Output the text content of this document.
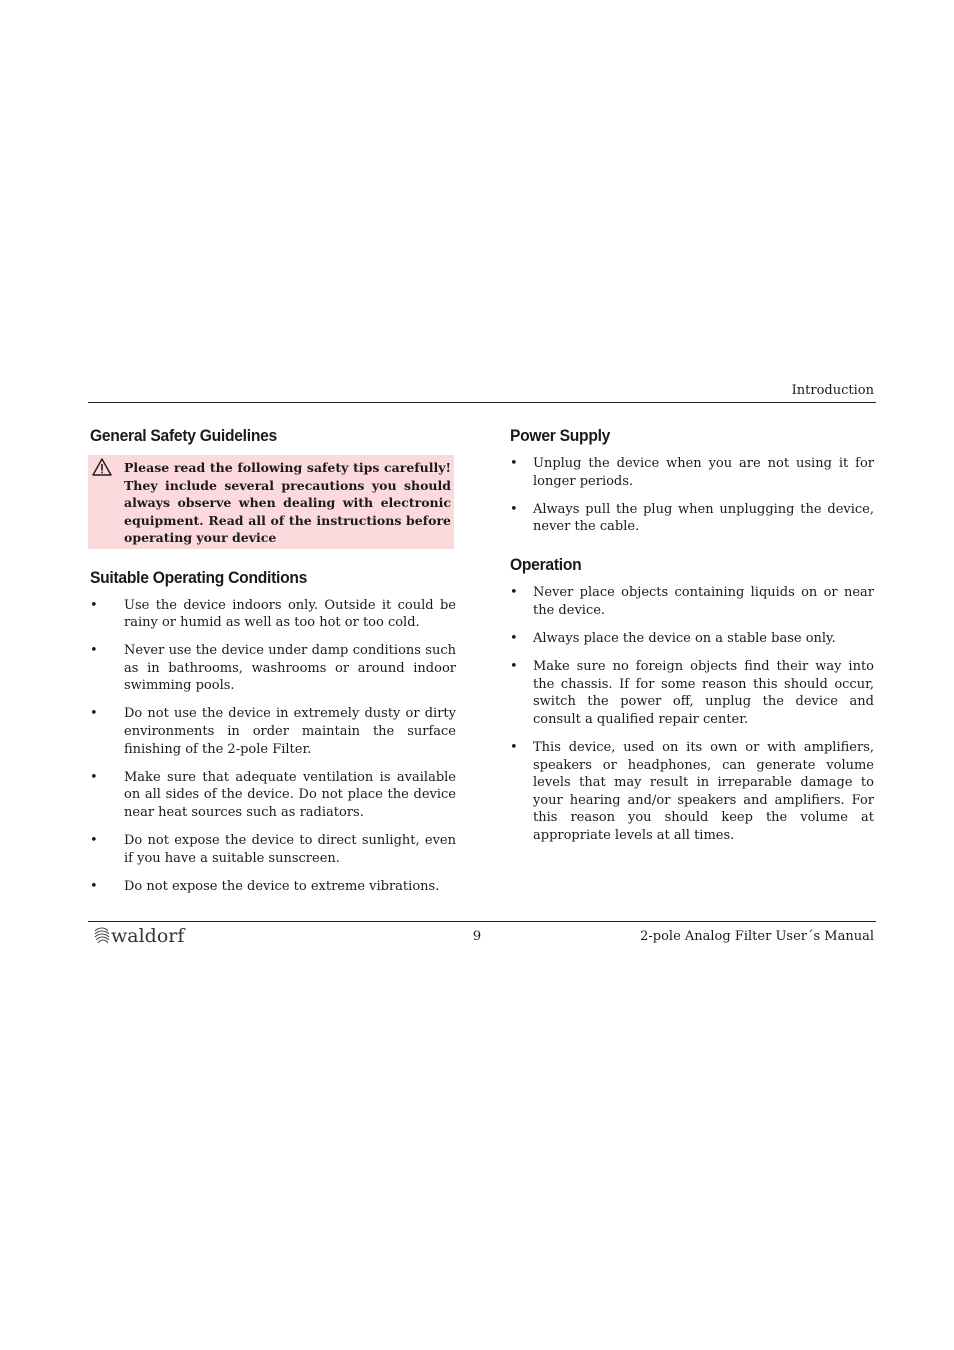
Introduction
General Safety Guidelines
Please read the following safety tips carefully! They include several precautions you should always observe when dealing with electronic equipment. Read all of the instructions before operating your device
Suitable Operating Conditions
• Use the device indoors only. Outside it could be rainy or humid as well as too hot or too cold.
• Never use the device under damp conditions such as in bathrooms, washrooms or around indoor swimming pools.
• Do not use the device in extremely dusty or dirty environments in order maintain the surface finishing of the 2-pole Filter.
• Make sure that adequate ventilation is available on all sides of the device. Do not place the device near heat sources such as radiators.
• Do not expose the device to direct sunlight, even if you have a suitable sunscreen.
• Do not expose the device to extreme vibrations.
Power Supply
• Unplug the device when you are not using it for longer periods.
• Always pull the plug when unplugging the device, never the cable.
Operation
• Never place objects containing liquids on or near the device.
• Always place the device on a stable base only.
• Make sure no foreign objects find their way into the chassis. If for some reason this should occur, switch the power off, unplug the device and consult a qualified repair center.
• This device, used on its own or with amplifiers, speakers or headphones, can generate volume levels that may result in irreparable damage to your hearing and/or speakers and amplifiers. For this reason you should keep the volume at appropriate levels at all times.
waldorf	9	2-pole Analog Filter User´s Manual
